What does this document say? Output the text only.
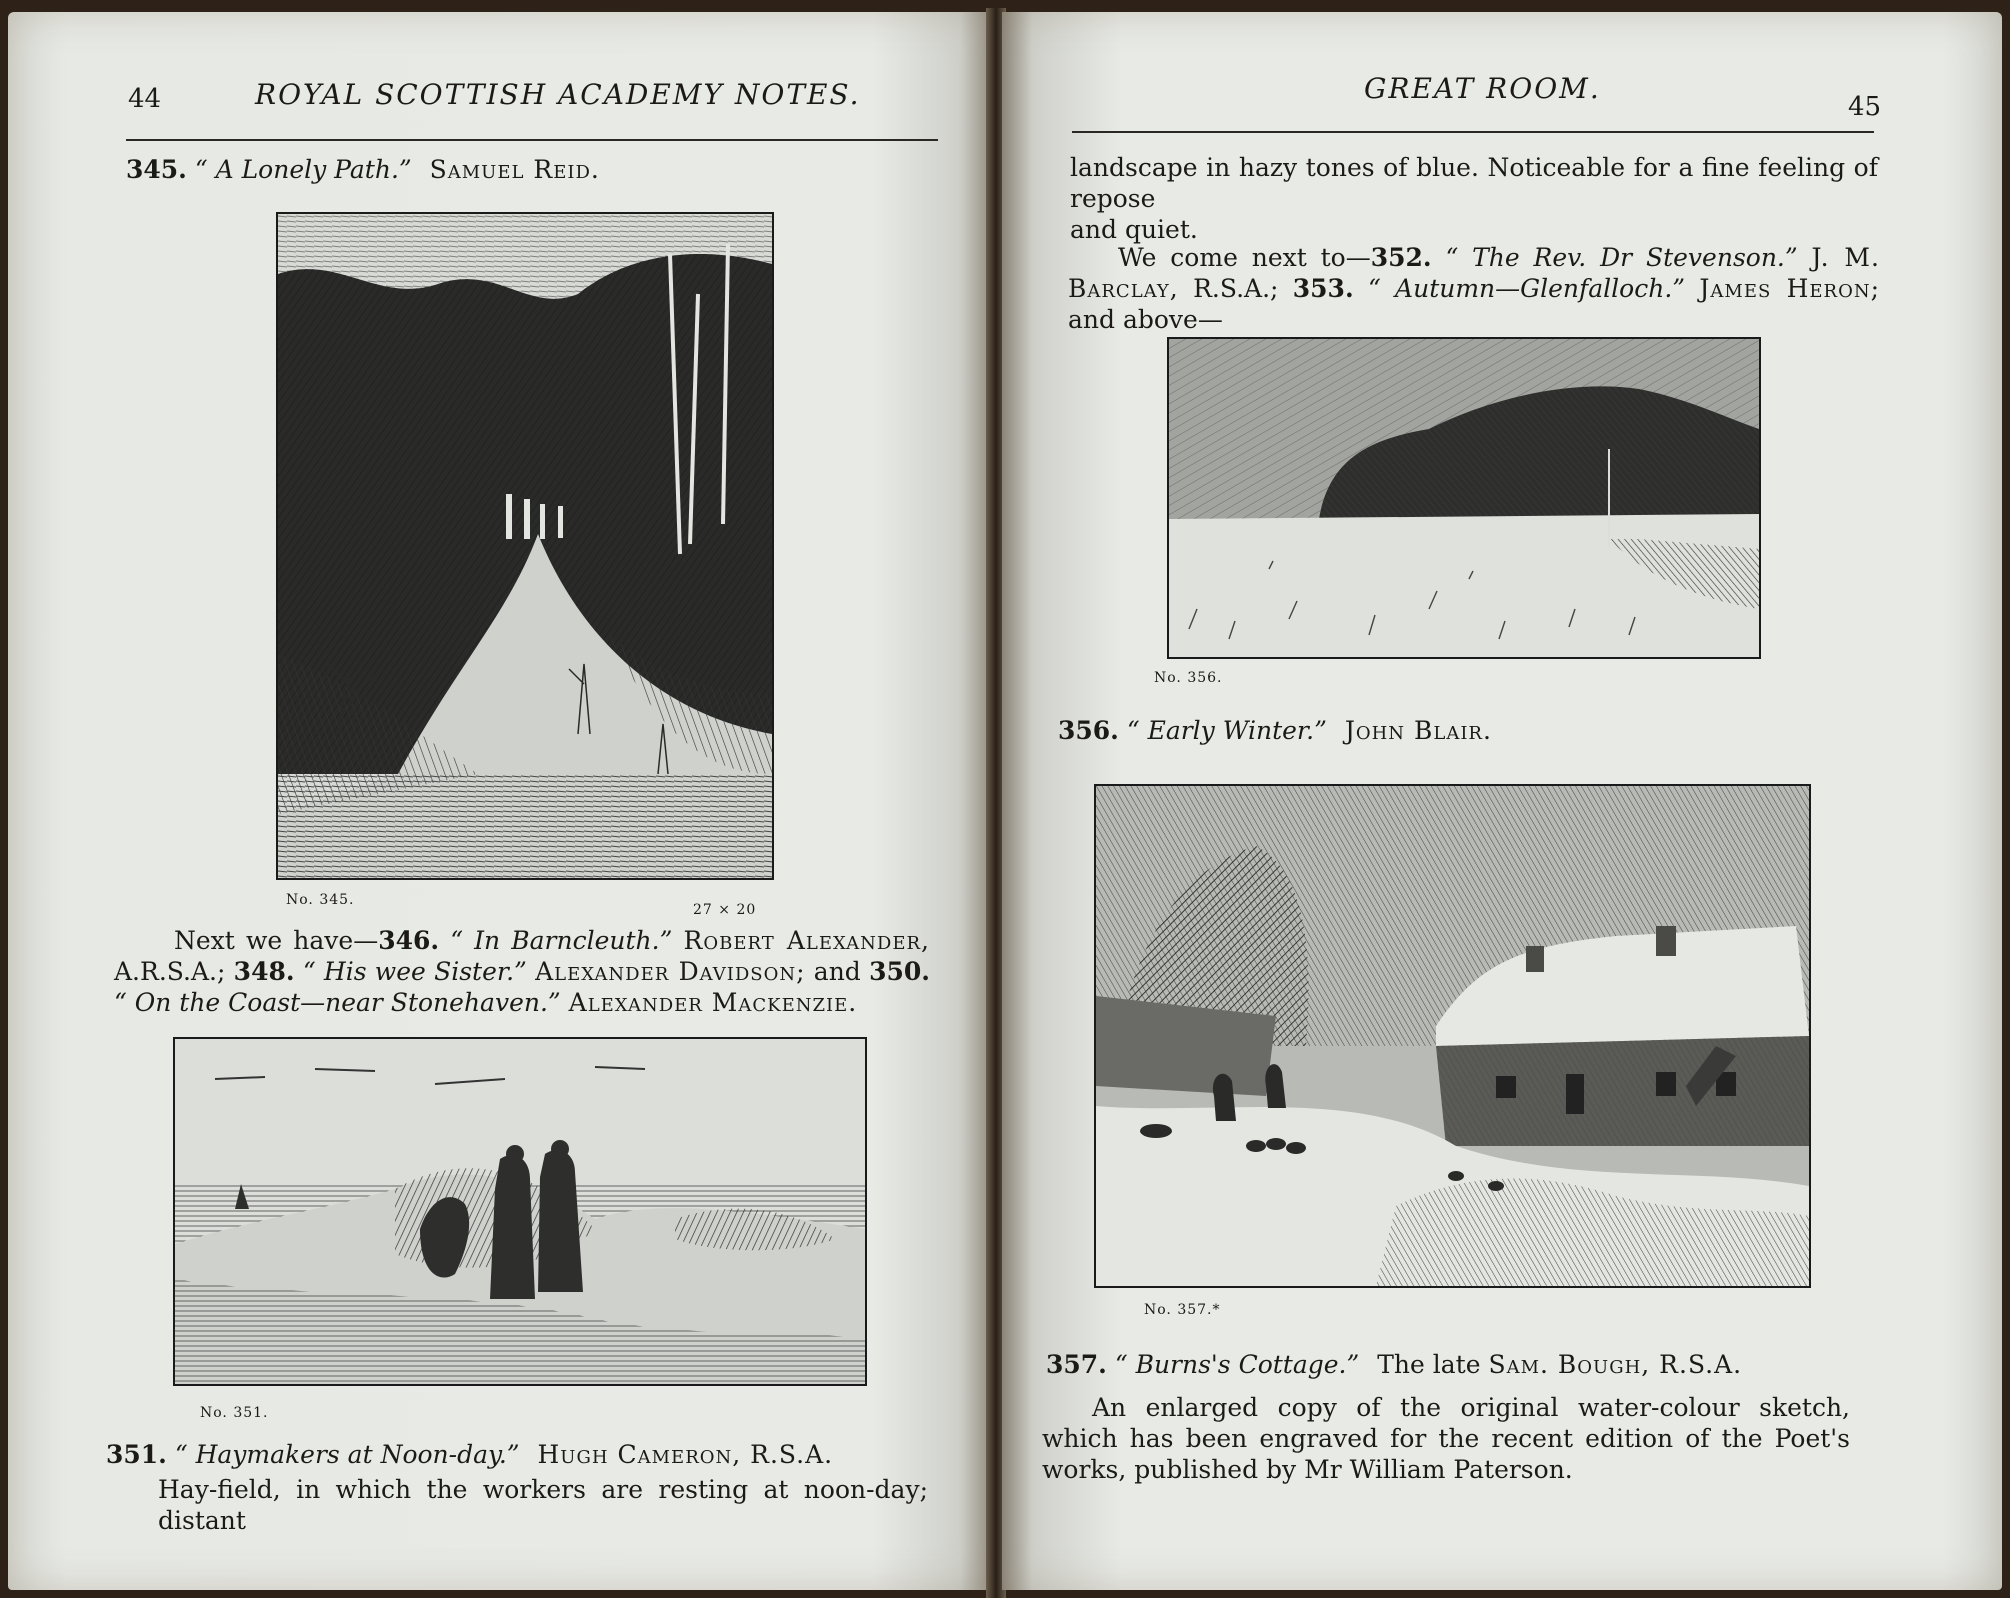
44	ROYAL SCOTTISH ACADEMY NOTES.
345. “ A Lonely Path.” Samuel Reid.
No. 345.
27 × 20
Next we have—346. “ In Barncleuth.” Robert Alexander, A.R.S.A.; 348. “ His wee Sister.” Alexander Davidson; and 350. “ On the Coast—near Stonehaven.” Alexander Mackenzie.
No. 351.
351. “ Haymakers at Noon-day.” Hugh Cameron, R.S.A.
Hay-field, in which the workers are resting at noon-day; distant
GREAT ROOM.
45
landscape in hazy tones of blue. Noticeable for a fine feeling of repose
and quiet.
We come next to—352. “ The Rev. Dr Stevenson.” J. M. Barclay, R.S.A.; 353. “ Autumn—Glenfalloch.” James Heron; and above—
No. 356.
356. “ Early Winter.” John Blair.
No. 357.*
357. “ Burns's Cottage.” The late Sam. Bough, R.S.A.
An enlarged copy of the original water-colour sketch, which has been engraved for the recent edition of the Poet's works, published by Mr William Paterson.
